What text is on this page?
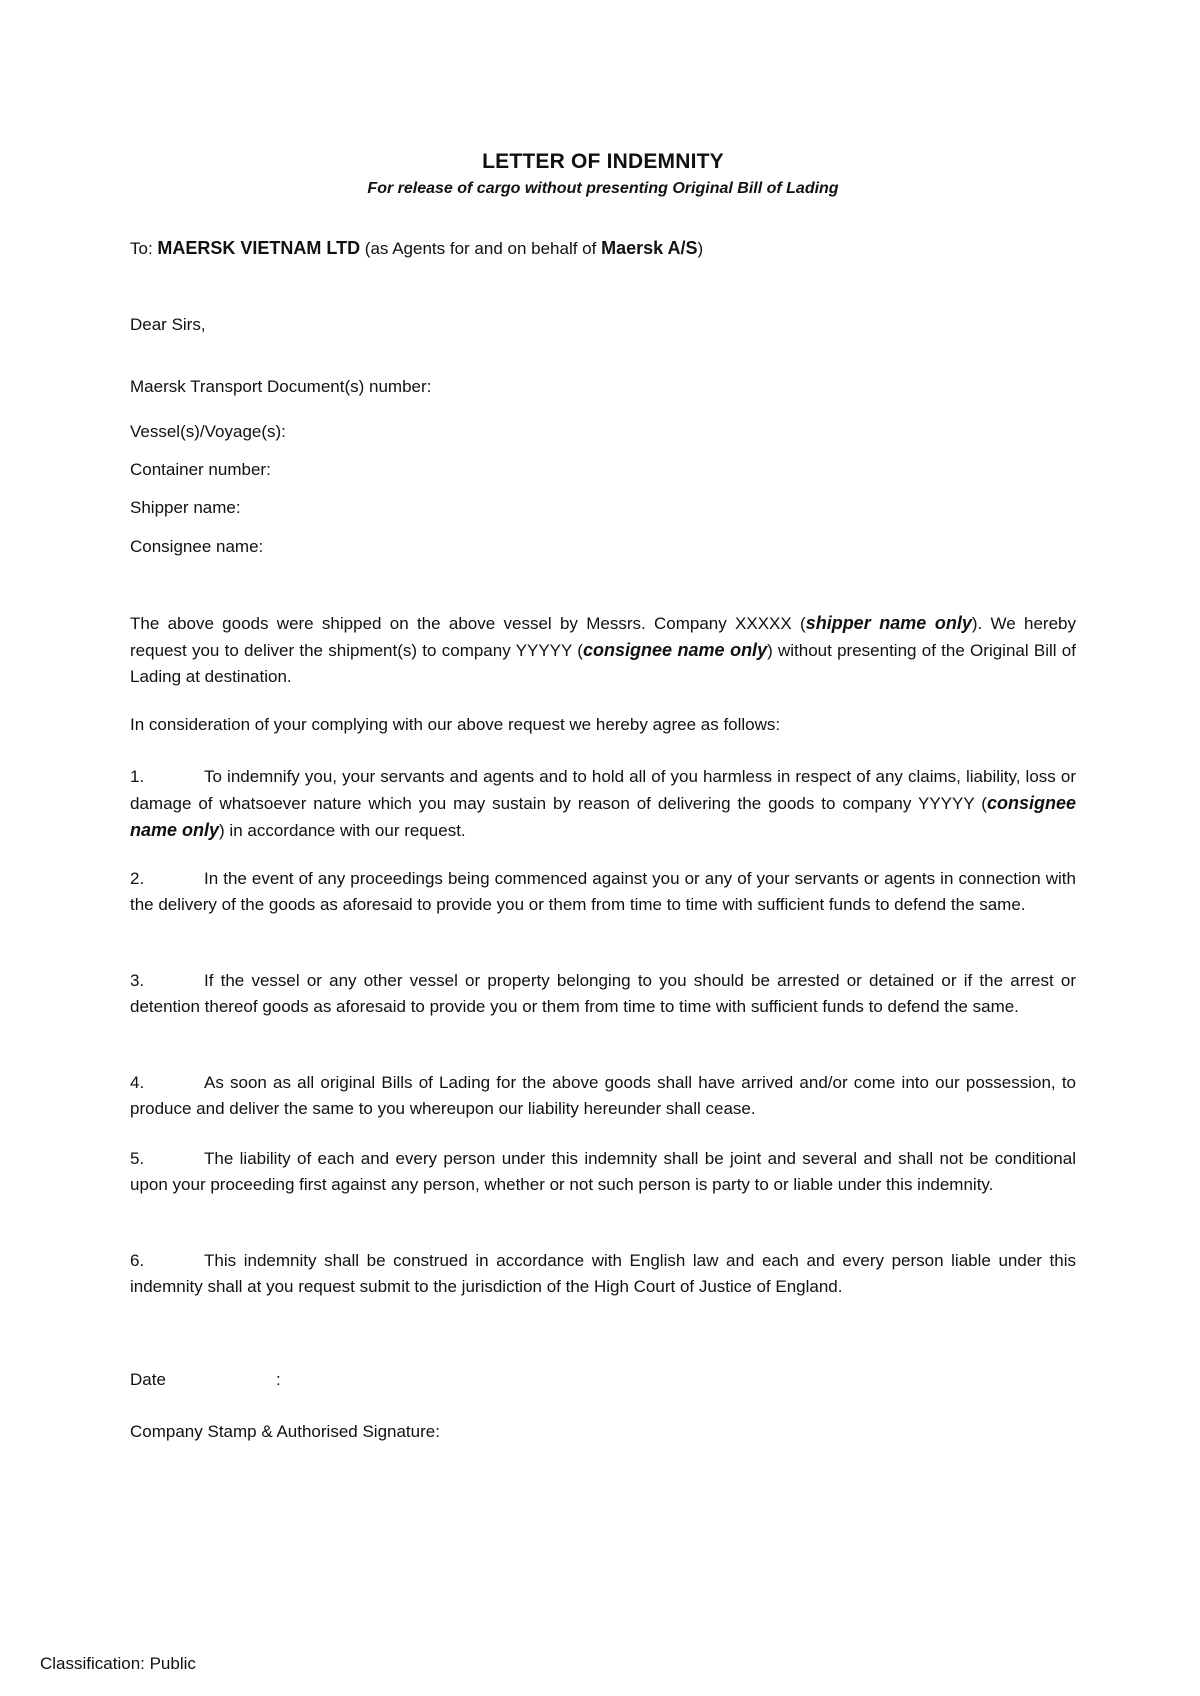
LETTER OF INDEMNITY
For release of cargo without presenting Original Bill of Lading
To: MAERSK VIETNAM LTD (as Agents for and on behalf of Maersk A/S)
Dear Sirs,
Maersk Transport Document(s) number:
Vessel(s)/Voyage(s):
Container number:
Shipper name:
Consignee name:
The above goods were shipped on the above vessel by Messrs. Company XXXXX (shipper name only). We hereby request you to deliver the shipment(s) to company YYYYY (consignee name only) without presenting of the Original Bill of Lading at destination.
In consideration of your complying with our above request we hereby agree as follows:
1.	To indemnify you, your servants and agents and to hold all of you harmless in respect of any claims, liability, loss or damage of whatsoever nature which you may sustain by reason of delivering the goods to company YYYYY (consignee name only) in accordance with our request.
2.	In the event of any proceedings being commenced against you or any of your servants or agents in connection with the delivery of the goods as aforesaid to provide you or them from time to time with sufficient funds to defend the same.
3.	If the vessel or any other vessel or property belonging to you should be arrested or detained or if the arrest or detention thereof goods as aforesaid to provide you or them from time to time with sufficient funds to defend the same.
4.	As soon as all original Bills of Lading for the above goods shall have arrived and/or come into our possession, to produce and deliver the same to you whereupon our liability hereunder shall cease.
5.	The liability of each and every person under this indemnity shall be joint and several and shall not be conditional upon your proceeding first against any person, whether or not such person is party to or liable under this indemnity.
6.	This indemnity shall be construed in accordance with English law and each and every person liable under this indemnity shall at you request submit to the jurisdiction of the High Court of Justice of England.
Date	:
Company Stamp & Authorised Signature:
Classification: Public
